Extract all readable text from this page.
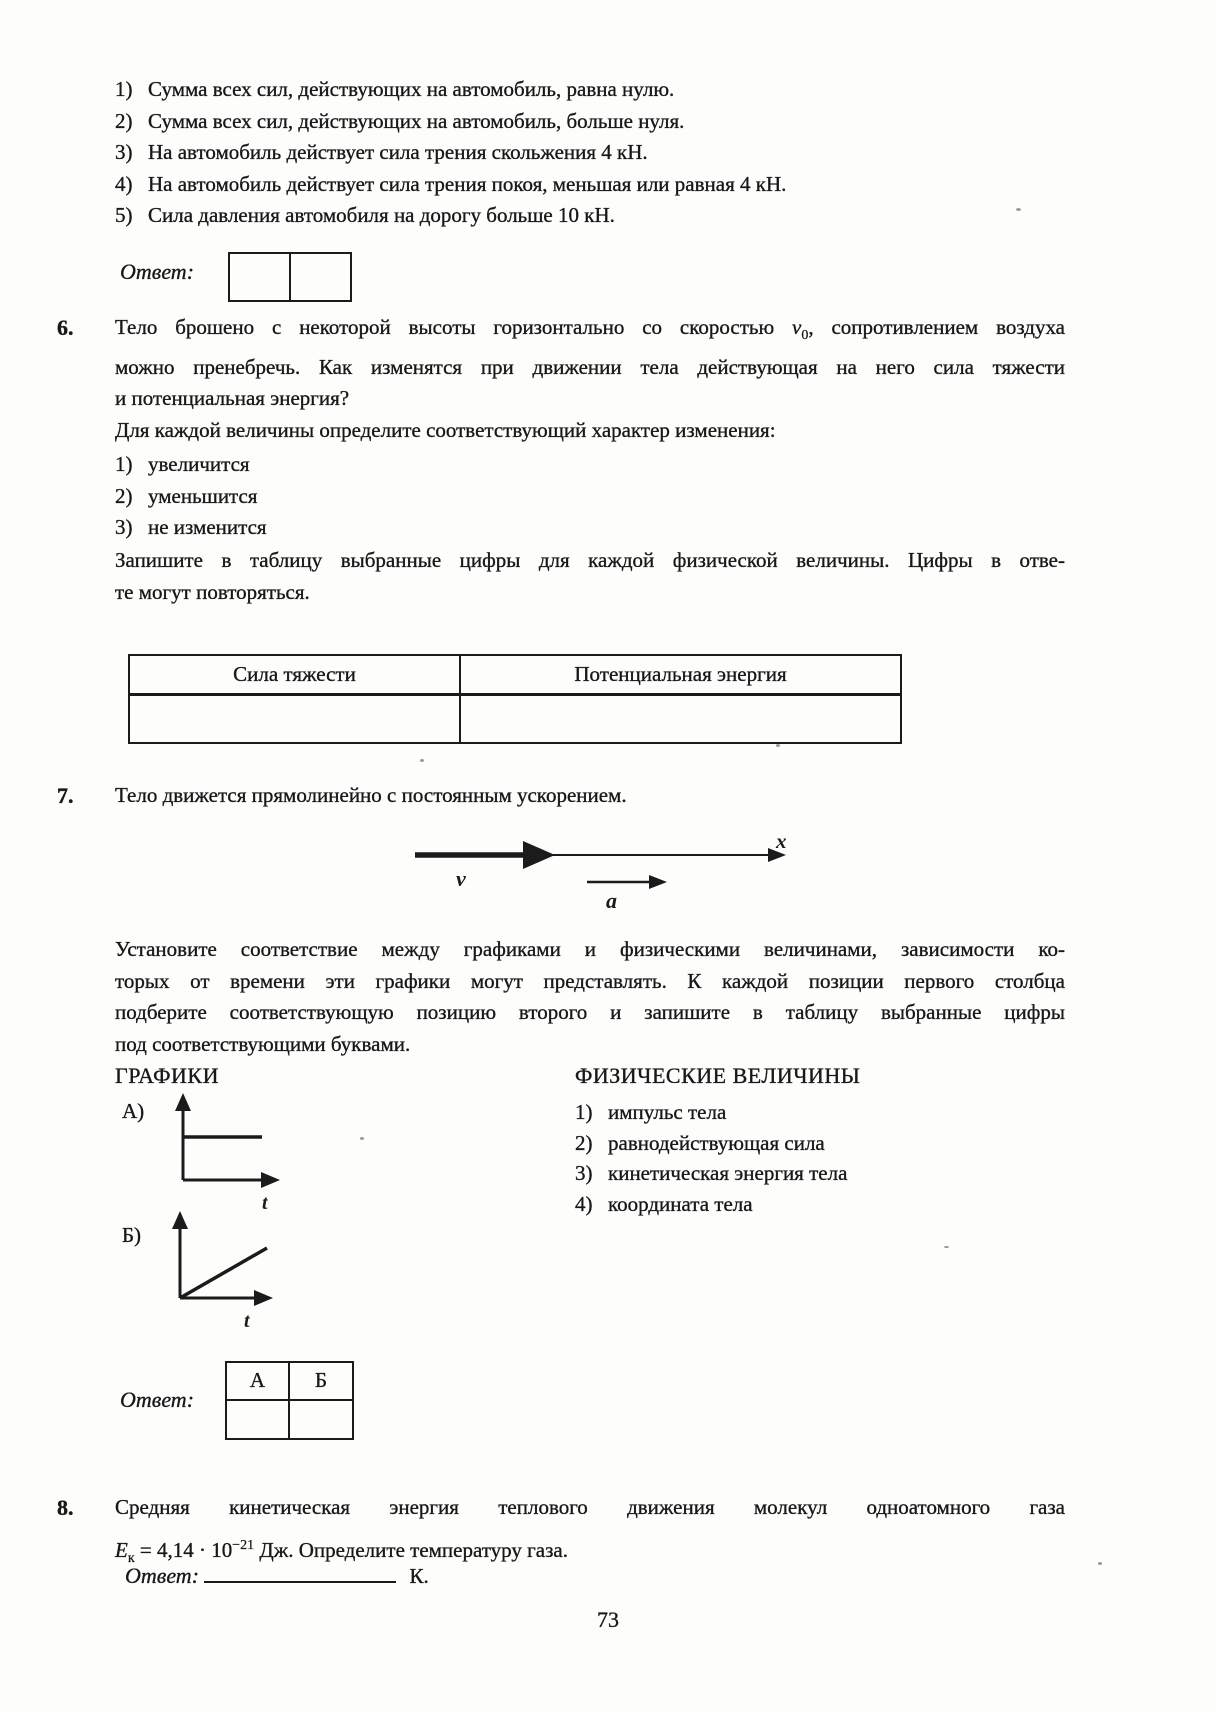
1) Сумма всех сил, действующих на автомобиль, равна нулю.
2) Сумма всех сил, действующих на автомобиль, больше нуля.
3) На автомобиль действует сила трения скольжения 4 кН.
4) На автомобиль действует сила трения покоя, меньшая или равная 4 кН.
5) Сила давления автомобиля на дорогу больше 10 кН.
Ответ:
6. Тело брошено с некоторой высоты горизонтально со скоростью $v_0$, сопротивлением воздуха
можно пренебречь. Как изменятся при движении тела действующая на него сила тяжести
и потенциальная энергия?
Для каждой величины определите соответствующий характер изменения:
1) увеличится
2) уменьшится
3) не изменится
Запишите в таблицу выбранные цифры для каждой физической величины. Цифры в отве-
те могут повторяться.
Сила тяжести	Потенциальная энергия
7. Тело движется прямолинейно с постоянным ускорением.
x
v
a
Установите соответствие между графиками и физическими величинами, зависимости ко-
торых от времени эти графики могут представлять. К каждой позиции первого столбца
подберите соответствующую позицию второго и запишите в таблицу выбранные цифры
под соответствующими буквами.
ГРАФИКИ	ФИЗИЧЕСКИЕ ВЕЛИЧИНЫ
А)
t
Б)
t
1) импульс тела
2) равнодействующая сила
3) кинетическая энергия тела
4) координата тела
Ответ:
А	Б
8. Средняя кинетическая энергия теплового движения молекул одноатомного газа
$E_к = 4,14 \cdot 10^{-21}$ Дж. Определите температуру газа.
Ответ:	К.
73
